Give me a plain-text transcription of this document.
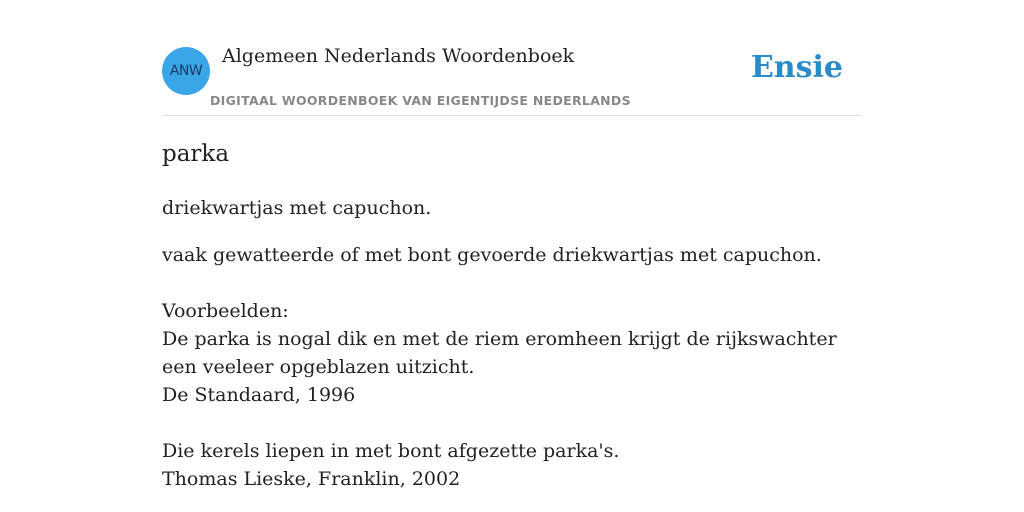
ANW
Algemeen Nederlands Woordenboek
DIGITAAL WOORDENBOEK VAN EIGENTIJDSE NEDERLANDS
Ensie
parka

driekwartjas met capuchon.

vaak gewatteerde of met bont gevoerde driekwartjas met capuchon.

Voorbeelden:
De parka is nogal dik en met de riem eromheen krijgt de rijkswachter een veeleer opgeblazen uitzicht.
De Standaard, 1996
Die kerels liepen in met bont afgezette parka's.
Thomas Lieske, Franklin, 2002
